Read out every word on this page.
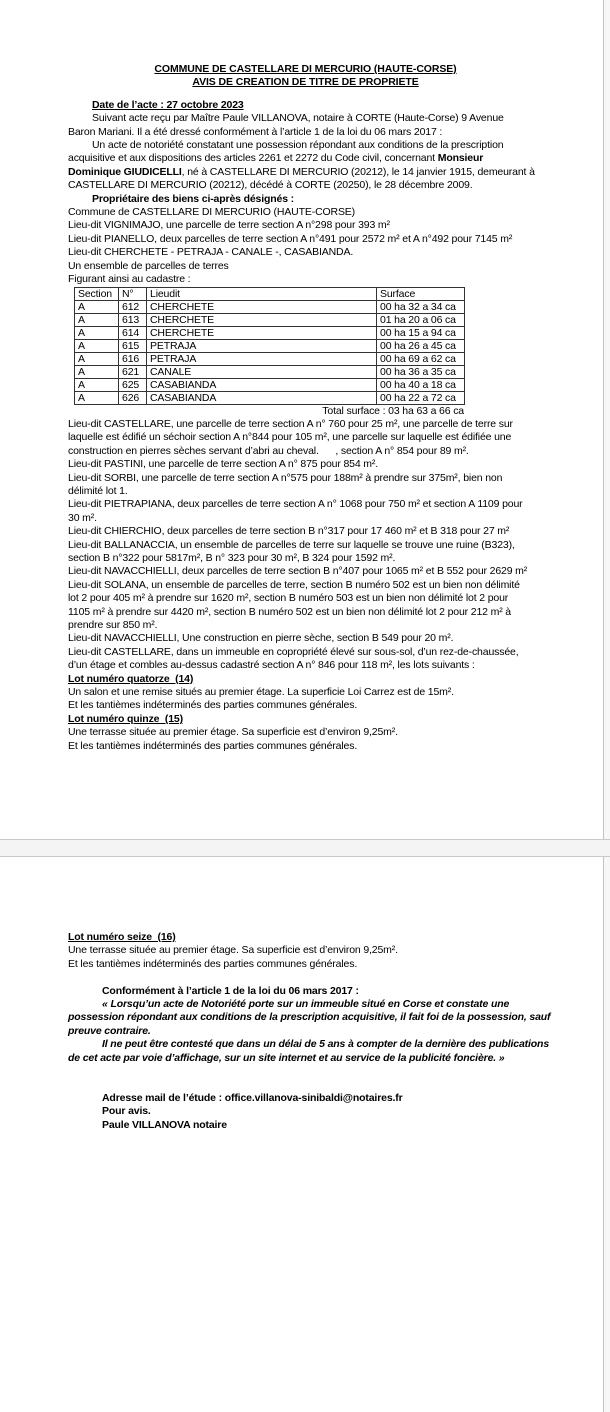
COMMUNE DE CASTELLARE DI MERCURIO (HAUTE-CORSE)
AVIS DE CREATION DE TITRE DE PROPRIETE
Date de l’acte : 27 octobre 2023
Suivant acte reçu par Maître Paule VILLANOVA, notaire à CORTE (Haute-Corse) 9 Avenue
Baron Mariani. Il a été dressé conformément à l’article 1 de la loi du 06 mars 2017 :
Un acte de notoriété constatant une possession répondant aux conditions de la prescription
acquisitive et aux dispositions des articles 2261 et 2272 du Code civil, concernant Monsieur
Dominique GIUDICELLI, né à CASTELLARE DI MERCURIO (20212), le 14 janvier 1915, demeurant à
CASTELLARE DI MERCURIO (20212), décédé à CORTE (20250), le 28 décembre 2009.
Propriétaire des biens ci-après désignés :
Commune de CASTELLARE DI MERCURIO (HAUTE-CORSE)
Lieu-dit VIGNIMAJO, une parcelle de terre section A n°298 pour 393 m²
Lieu-dit PIANELLO, deux parcelles de terre section A n°491 pour 2572 m² et A n°492 pour 7145 m²
Lieu-dit CHERCHETE - PETRAJA - CANALE -, CASABIANDA.
Un ensemble de parcelles de terres
Figurant ainsi au cadastre :
Section	N°	Lieudit	Surface
A	612	CHERCHETE	00 ha 32 a 34 ca
A	613	CHERCHETE	01 ha 20 a 06 ca
A	614	CHERCHETE	00 ha 15 a 94 ca
A	615	PETRAJA	00 ha 26 a 45 ca
A	616	PETRAJA	00 ha 69 a 62 ca
A	621	CANALE	00 ha 36 a 35 ca
A	625	CASABIANDA	00 ha 40 a 18 ca
A	626	CASABIANDA	00 ha 22 a 72 ca
Total surface : 03 ha 63 a 66 ca
Lieu-dit CASTELLARE, une parcelle de terre section A n° 760 pour 25 m², une parcelle de terre sur
laquelle est édifié un séchoir section A n°844 pour 105 m², une parcelle sur laquelle est édifiée une
construction en pierres sèches servant d’abri au cheval.      , section A n° 854 pour 89 m².
Lieu-dit PASTINI, une parcelle de terre section A n° 875 pour 854 m².
Lieu-dit SORBI, une parcelle de terre section A n°575 pour 188m² à prendre sur 375m², bien non
délimité lot 1.
Lieu-dit PIETRAPIANA, deux parcelles de terre section A n° 1068 pour 750 m² et section A 1109 pour
30 m².
Lieu-dit CHIERCHIO, deux parcelles de terre section B n°317 pour 17 460 m² et B 318 pour 27 m²
Lieu-dit BALLANACCIA, un ensemble de parcelles de terre sur laquelle se trouve une ruine (B323),
section B n°322 pour 5817m², B n° 323 pour 30 m², B 324 pour 1592 m².
Lieu-dit NAVACCHIELLI, deux parcelles de terre section B n°407 pour 1065 m² et B 552 pour 2629 m²
Lieu-dit SOLANA, un ensemble de parcelles de terre, section B numéro 502 est un bien non délimité
lot 2 pour 405 m² à prendre sur 1620 m², section B numéro 503 est un bien non délimité lot 2 pour
1105 m² à prendre sur 4420 m², section B numéro 502 est un bien non délimité lot 2 pour 212 m² à
prendre sur 850 m².
Lieu-dit NAVACCHIELLI, Une construction en pierre sèche, section B 549 pour 20 m².
Lieu-dit CASTELLARE, dans un immeuble en copropriété élevé sur sous-sol, d’un rez-de-chaussée,
d’un étage et combles au-dessus cadastré section A n° 846 pour 118 m², les lots suivants :
Lot numéro quatorze  (14)
Un salon et une remise situés au premier étage. La superficie Loi Carrez est de 15m².
Et les tantièmes indéterminés des parties communes générales.
Lot numéro quinze  (15)
Une terrasse située au premier étage. Sa superficie est d’environ 9,25m².
Et les tantièmes indéterminés des parties communes générales.
Lot numéro seize  (16)
Une terrasse située au premier étage. Sa superficie est d’environ 9,25m².
Et les tantièmes indéterminés des parties communes générales.

Conformément à l’article 1 de la loi du 06 mars 2017 :
« Lorsqu’un acte de Notoriété porte sur un immeuble situé en Corse et constate une
possession répondant aux conditions de la prescription acquisitive, il fait foi de la possession, sauf
preuve contraire.
Il ne peut être contesté que dans un délai de 5 ans à compter de la dernière des publications
de cet acte par voie d’affichage, sur un site internet et au service de la publicité foncière. »

Adresse mail de l’étude : office.villanova-sinibaldi@notaires.fr
Pour avis.
Paule VILLANOVA notaire
